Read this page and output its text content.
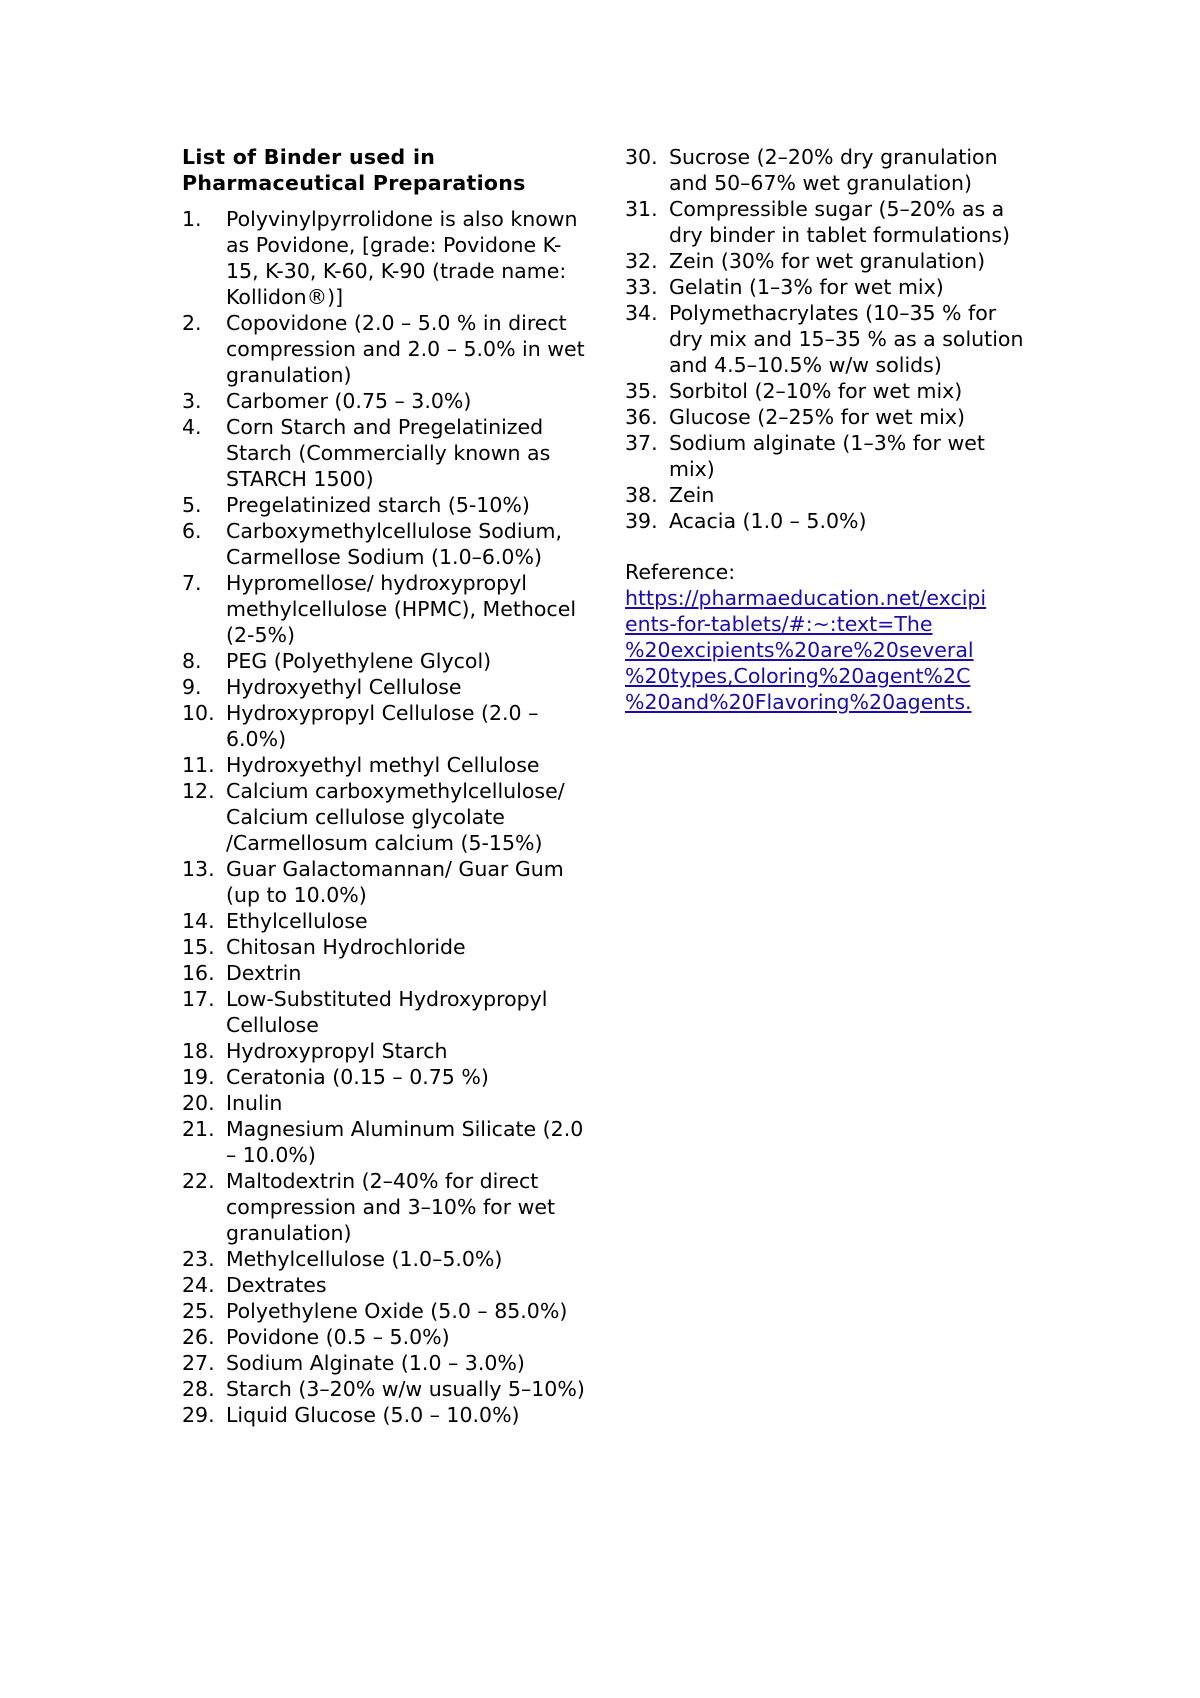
List of Binder used in
Pharmaceutical Preparations
1. Polyvinylpyrrolidone is also known as Povidone, [grade: Povidone K-15, K-30, K-60, K-90 (trade name: Kollidon®)]
2. Copovidone (2.0 – 5.0 % in direct compression and 2.0 – 5.0% in wet granulation)
3. Carbomer (0.75 – 3.0%)
4. Corn Starch and Pregelatinized Starch (Commercially known as STARCH 1500)
5. Pregelatinized starch (5-10%)
6. Carboxymethylcellulose Sodium, Carmellose Sodium (1.0–6.0%)
7. Hypromellose/ hydroxypropyl methylcellulose (HPMC), Methocel (2-5%)
8. PEG (Polyethylene Glycol)
9. Hydroxyethyl Cellulose
10. Hydroxypropyl Cellulose (2.0 – 6.0%)
11. Hydroxyethyl methyl Cellulose
12. Calcium carboxymethylcellulose/ Calcium cellulose glycolate /Carmellosum calcium (5-15%)
13. Guar Galactomannan/ Guar Gum (up to 10.0%)
14. Ethylcellulose
15. Chitosan Hydrochloride
16. Dextrin
17. Low-Substituted Hydroxypropyl Cellulose
18. Hydroxypropyl Starch
19. Ceratonia (0.15 – 0.75 %)
20. Inulin
21. Magnesium Aluminum Silicate (2.0 – 10.0%)
22. Maltodextrin (2–40% for direct compression and 3–10% for wet granulation)
23. Methylcellulose (1.0–5.0%)
24. Dextrates
25. Polyethylene Oxide (5.0 – 85.0%)
26. Povidone (0.5 – 5.0%)
27. Sodium Alginate (1.0 – 3.0%)
28. Starch (3–20% w/w usually 5–10%)
29. Liquid Glucose (5.0 – 10.0%)
30. Sucrose (2–20% dry granulation and 50–67% wet granulation)
31. Compressible sugar (5–20% as a dry binder in tablet formulations)
32. Zein (30% for wet granulation)
33. Gelatin (1–3% for wet mix)
34. Polymethacrylates (10–35 % for dry mix and 15–35 % as a solution and 4.5–10.5% w/w solids)
35. Sorbitol (2–10% for wet mix)
36. Glucose (2–25% for wet mix)
37. Sodium alginate (1–3% for wet mix)
38. Zein
39. Acacia (1.0 – 5.0%)
Reference:
https://pharmaeducation.net/excipi
ents-for-tablets/#:~:text=The
%20excipients%20are%20several
%20types,Coloring%20agent%2C
%20and%20Flavoring%20agents.
